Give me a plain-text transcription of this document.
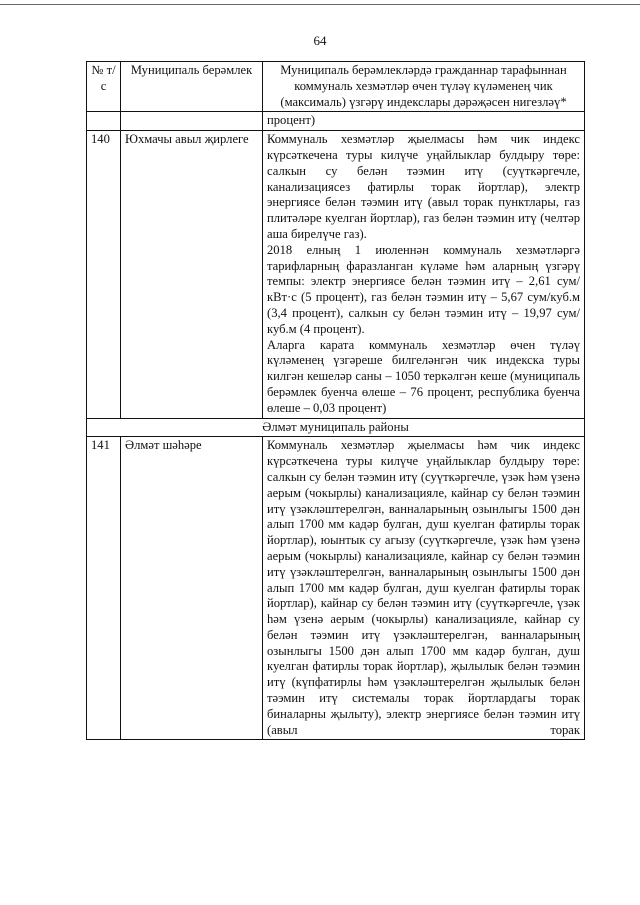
64
№ т/с	Муниципаль берәмлек	Муниципаль берәмлекләрдә гражданнар тарафыннан коммуналь хезмәтләр өчен түләү күләменең чик (максималь) үзгәрү индекслары дәрәҗәсен нигезләү*
		процент)
140	Юхмачы авыл җирлеге	Коммуналь хезмәтләр җыелмасы һәм чик индекс күрсәткечена туры килүче уңайлыклар булдыру төре: салкын су белән тәэмин итү (суүткәргечле, канализациясез фатирлы торак йортлар), электр энергиясе белән тәэмин итү (авыл торак пунктлары, газ плитәләре куелган йортлар), газ белән тәэмин итү (челтәр аша бирелүче газ).

2018 елның 1 июленнән коммуналь хезмәтләргә тарифларның фаразланган күләме һәм аларның үзгәрү темпы: электр энергиясе белән тәэмин итү – 2,61 сум/кВт·с (5 процент), газ белән тәэмин итү – 5,67 сум/куб.м (3,4 процент), салкын су белән тәэмин итү – 19,97 сум/куб.м (4 процент).

Аларга карата коммуналь хезмәтләр өчен түләү күләменең үзгәреше билгеләнгән чик индекска туры килгән кешеләр саны – 1050 теркәлгән кеше (муниципаль берәмлек буенча өлеше – 76 процент, республика буенча өлеше – 0,03 процент)

Әлмәт муниципаль районы		
141	Әлмәт шәһәре	Коммуналь хезмәтләр җыелмасы һәм чик индекс күрсәткечена туры килүче уңайлыклар булдыру төре: салкын су белән тәэмин итү (суүткәргечле, үзәк һәм үзенә аерым (чокырлы) канализацияле, кайнар су белән тәэмин итү үзәкләштерелгән, ванналарының озынлыгы 1500 дән алып 1700 мм кадәр булган, душ куелган фатирлы торак йортлар), юынтык су агызу (суүткәргечле, үзәк һәм үзенә аерым (чокырлы) канализацияле, кайнар су белән тәэмин итү үзәкләштерелгән, ванналарының озынлыгы 1500 дән алып 1700 мм кадәр булган, душ куелган фатирлы торак йортлар), кайнар су белән тәэмин итү (суүткәргечле, үзәк һәм үзенә аерым (чокырлы) канализацияле, кайнар су белән тәэмин итү үзәкләштерелгән, ванналарының озынлыгы 1500 дән алып 1700 мм кадәр булган, душ куелган фатирлы торак йортлар), җылылык белән тәэмин итү (күпфатирлы һәм үзәкләштерелгән җылылык белән тәэмин итү системалы торак йортлардагы торак биналарны җылыту), электр энергиясе белән тәэмин итү (авыл торак
